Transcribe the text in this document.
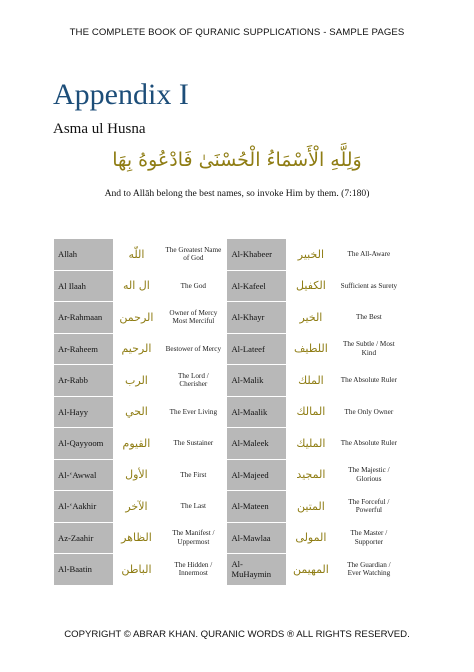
THE COMPLETE BOOK OF QURANIC SUPPLICATIONS - SAMPLE PAGES
Appendix I
Asma ul Husna
وَلِلَّهِ الْأَسْمَاءُ الْحُسْنَىٰ فَادْعُوهُ بِهَا
And to Allāh belong the best names, so invoke Him by them. (7:180)
Allah	اللّه	The Greatest Name of God	Al-Khabeer	الخبير	The All-Aware
Al Ilaah	ال اله	The God	Al-Kafeel	الكفيل	Sufficient as Surety
Ar-Rahmaan	الرحمن	Owner of Mercy Most Merciful	Al-Khayr	الخير	The Best
Ar-Raheem	الرحيم	Bestower of Mercy	Al-Lateef	اللطيف	The Subtle / Most Kind
Ar-Rabb	الرب	The Lord / Cherisher	Al-Malik	الملك	The Absolute Ruler
Al-Hayy	الحي	The Ever Living	Al-Maalik	المالك	The Only Owner
Al-Qayyoom	القيوم	The Sustainer	Al-Maleek	المليك	The Absolute Ruler
Al-‘Awwal	الأول	The First	Al-Majeed	المجيد	The Majestic / Glorious
Al-‘Aakhir	الآخر	The Last	Al-Mateen	المتين	The Forceful / Powerful
Az-Zaahir	الظاهر	The Manifest / Uppermost	Al-Mawlaa	المولى	The Master / Supporter
Al-Baatin	الباطن	The Hidden / Innermost	Al-MuHaymin	المهيمن	The Guardian / Ever Watching
COPYRIGHT © ABRAR KHAN. QURANIC WORDS ® ALL RIGHTS RESERVED.
